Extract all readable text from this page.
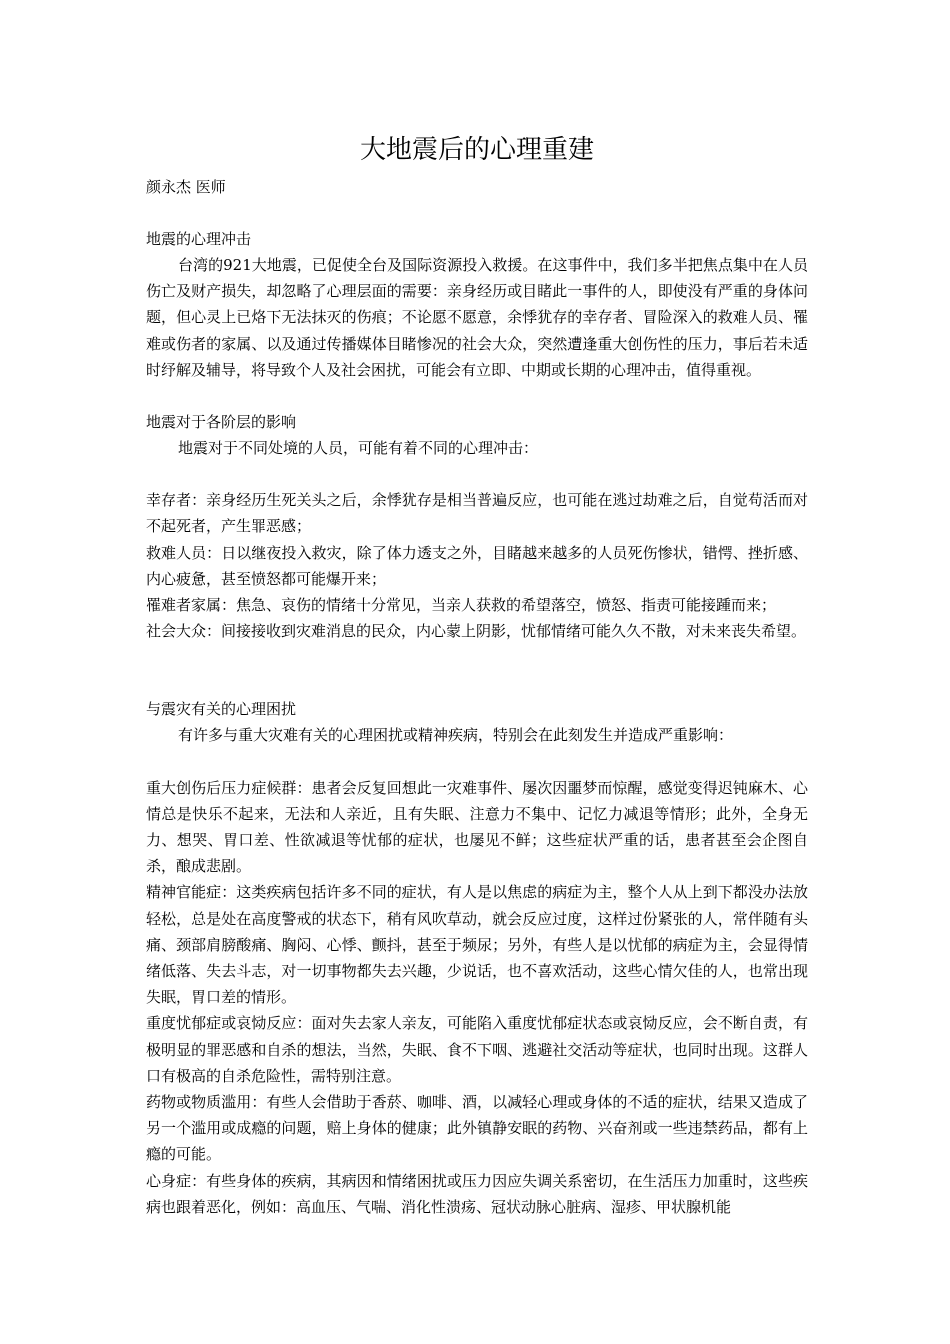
大地震后的心理重建
颜永杰 医师
地震的心理冲击
台湾的921大地震，已促使全台及国际资源投入救援。在这事件中，我们多半把焦点集中在人员伤亡及财产损失，却忽略了心理层面的需要：亲身经历或目睹此一事件的人，即使没有严重的身体问题，但心灵上已烙下无法抹灭的伤痕；不论愿不愿意，余悸犹存的幸存者、冒险深入的救难人员、罹难或伤者的家属、以及通过传播媒体目睹惨况的社会大众，突然遭逢重大创伤性的压力，事后若未适时纾解及辅导，将导致个人及社会困扰，可能会有立即、中期或长期的心理冲击，值得重视。
地震对于各阶层的影响
地震对于不同处境的人员，可能有着不同的心理冲击：
幸存者：亲身经历生死关头之后，余悸犹存是相当普遍反应，也可能在逃过劫难之后，自觉苟活而对不起死者，产生罪恶感；
救难人员：日以继夜投入救灾，除了体力透支之外，目睹越来越多的人员死伤惨状，错愕、挫折感、内心疲惫，甚至愤怒都可能爆开来；
罹难者家属：焦急、哀伤的情绪十分常见，当亲人获救的希望落空，愤怒、指责可能接踵而来；
社会大众：间接接收到灾难消息的民众，内心蒙上阴影，忧郁情绪可能久久不散，对未来丧失希望。
与震灾有关的心理困扰
有许多与重大灾难有关的心理困扰或精神疾病，特别会在此刻发生并造成严重影响：
重大创伤后压力症候群：患者会反复回想此一灾难事件、屡次因噩梦而惊醒，感觉变得迟钝麻木、心情总是快乐不起来，无法和人亲近，且有失眠、注意力不集中、记忆力减退等情形；此外，全身无力、想哭、胃口差、性欲减退等忧郁的症状，也屡见不鲜；这些症状严重的话，患者甚至会企图自杀，酿成悲剧。
精神官能症：这类疾病包括许多不同的症状，有人是以焦虑的病症为主，整个人从上到下都没办法放轻松，总是处在高度警戒的状态下，稍有风吹草动，就会反应过度，这样过份紧张的人，常伴随有头痛、颈部肩膀酸痛、胸闷、心悸、颤抖，甚至于频尿；另外，有些人是以忧郁的病症为主，会显得情绪低落、失去斗志，对一切事物都失去兴趣，少说话，也不喜欢活动，这些心情欠佳的人，也常出现失眠，胃口差的情形。
重度忧郁症或哀恸反应：面对失去家人亲友，可能陷入重度忧郁症状态或哀恸反应，会不断自责，有极明显的罪恶感和自杀的想法，当然，失眠、食不下咽、逃避社交活动等症状，也同时出现。这群人口有极高的自杀危险性，需特别注意。
药物或物质滥用：有些人会借助于香菸、咖啡、酒，以减轻心理或身体的不适的症状，结果又造成了另一个滥用或成瘾的问题，赔上身体的健康；此外镇静安眠的药物、兴奋剂或一些违禁药品，都有上瘾的可能。
心身症：有些身体的疾病，其病因和情绪困扰或压力因应失调关系密切，在生活压力加重时，这些疾病也跟着恶化，例如：高血压、气喘、消化性溃疡、冠状动脉心脏病、湿疹、甲状腺机能
